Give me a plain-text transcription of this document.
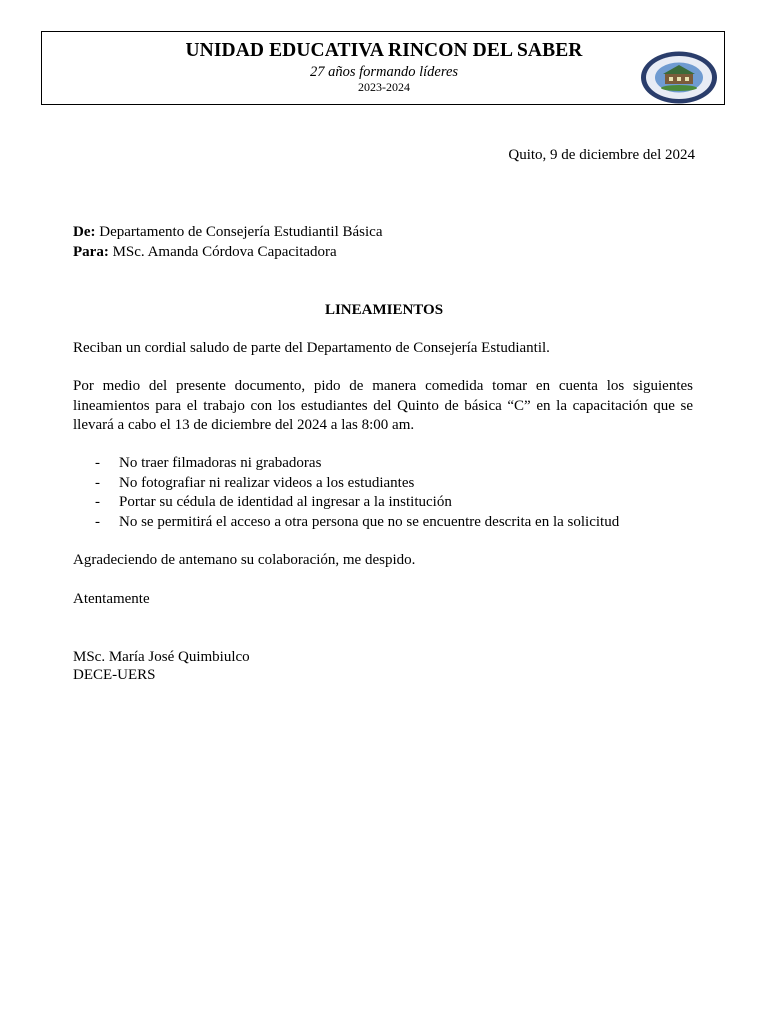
UNIDAD EDUCATIVA RINCON DEL SABER
27 años formando líderes
2023-2024
Quito, 9 de diciembre del 2024
De: Departamento de Consejería Estudiantil Básica
Para: MSc. Amanda Córdova Capacitadora
LINEAMIENTOS
Reciban un cordial saludo de parte del Departamento de Consejería Estudiantil.
Por medio del presente documento, pido de manera comedida tomar en cuenta los siguientes lineamientos para el trabajo con los estudiantes del Quinto de básica “C” en la capacitación que se llevará a cabo el 13 de diciembre del 2024 a las 8:00 am.
- No traer filmadoras ni grabadoras
- No fotografiar ni realizar videos a los estudiantes
- Portar su cédula de identidad al ingresar a la institución
- No se permitirá el acceso a otra persona que no se encuentre descrita en la solicitud
Agradeciendo de antemano su colaboración, me despido.
Atentamente
MSc. María José Quimbiulco
DECE-UERS
